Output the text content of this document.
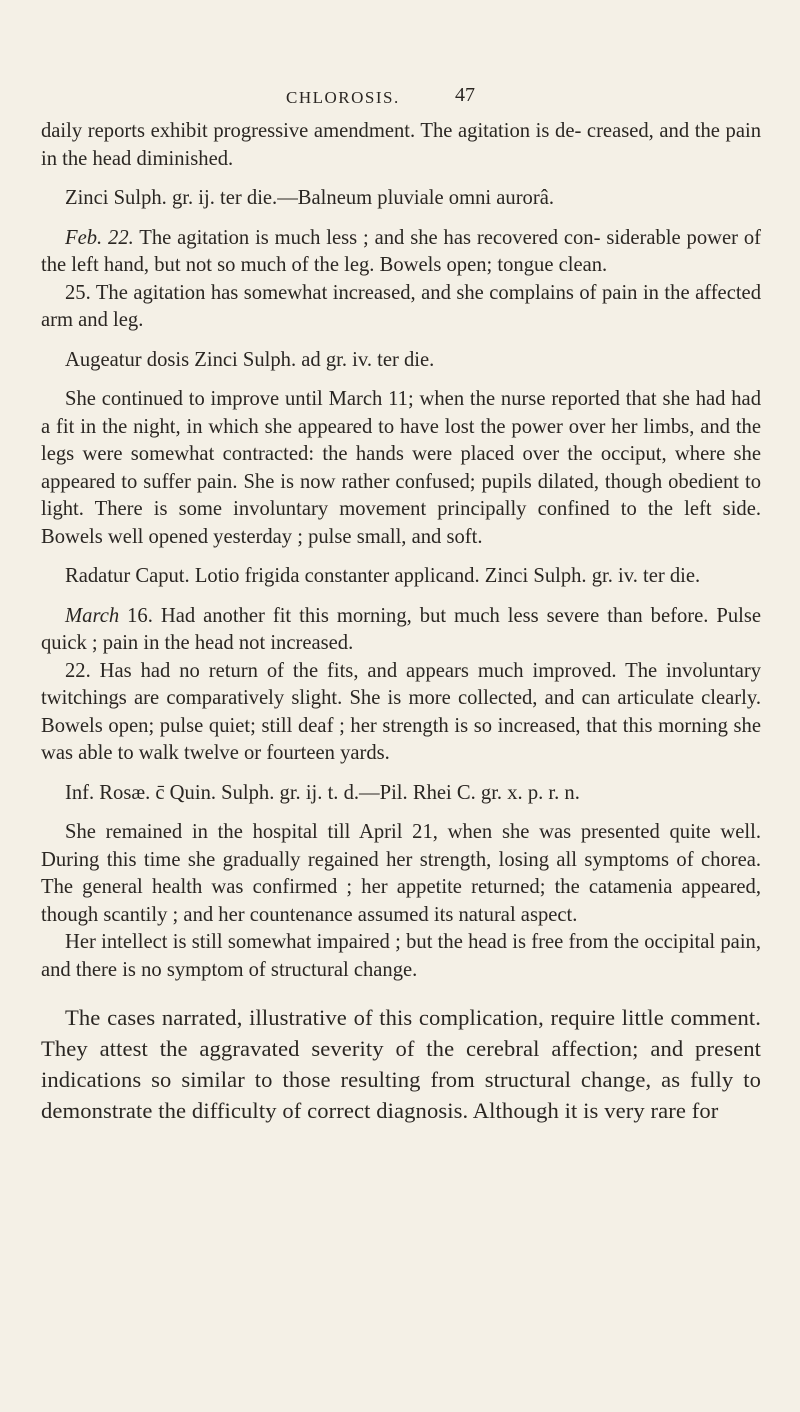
CHLOROSIS.	47

daily reports exhibit progressive amendment. The agitation is de- creased, and the pain in the head diminished.

Zinci Sulph. gr. ij. ter die.—Balneum pluviale omni aurorâ.

Feb. 22. The agitation is much less ; and she has recovered con- siderable power of the left hand, but not so much of the leg. Bowels open; tongue clean.

25. The agitation has somewhat increased, and she complains of pain in the affected arm and leg.

Augeatur dosis Zinci Sulph. ad gr. iv. ter die.

She continued to improve until March 11; when the nurse reported that she had had a fit in the night, in which she appeared to have lost the power over her limbs, and the legs were somewhat contracted: the hands were placed over the occiput, where she appeared to suffer pain. She is now rather confused; pupils dilated, though obedient to light. There is some involuntary movement principally confined to the left side. Bowels well opened yesterday ; pulse small, and soft.

Radatur Caput. Lotio frigida constanter applicand. Zinci Sulph. gr. iv. ter die.

March 16. Had another fit this morning, but much less severe than before. Pulse quick ; pain in the head not increased.

22. Has had no return of the fits, and appears much improved. The involuntary twitchings are comparatively slight. She is more collected, and can articulate clearly. Bowels open; pulse quiet; still deaf ; her strength is so increased, that this morning she was able to walk twelve or fourteen yards.

Inf. Rosæ. c̄ Quin. Sulph. gr. ij. t. d.—Pil. Rhei C. gr. x. p. r. n.

She remained in the hospital till April 21, when she was presented quite well. During this time she gradually regained her strength, losing all symptoms of chorea. The general health was confirmed ; her appetite returned; the catamenia appeared, though scantily ; and her countenance assumed its natural aspect.

Her intellect is still somewhat impaired ; but the head is free from the occipital pain, and there is no symptom of structural change.

The cases narrated, illustrative of this complication, require little comment. They attest the aggravated severity of the cerebral affection; and present indications so similar to those resulting from structural change, as fully to demonstrate the difficulty of correct diagnosis. Although it is very rare for
